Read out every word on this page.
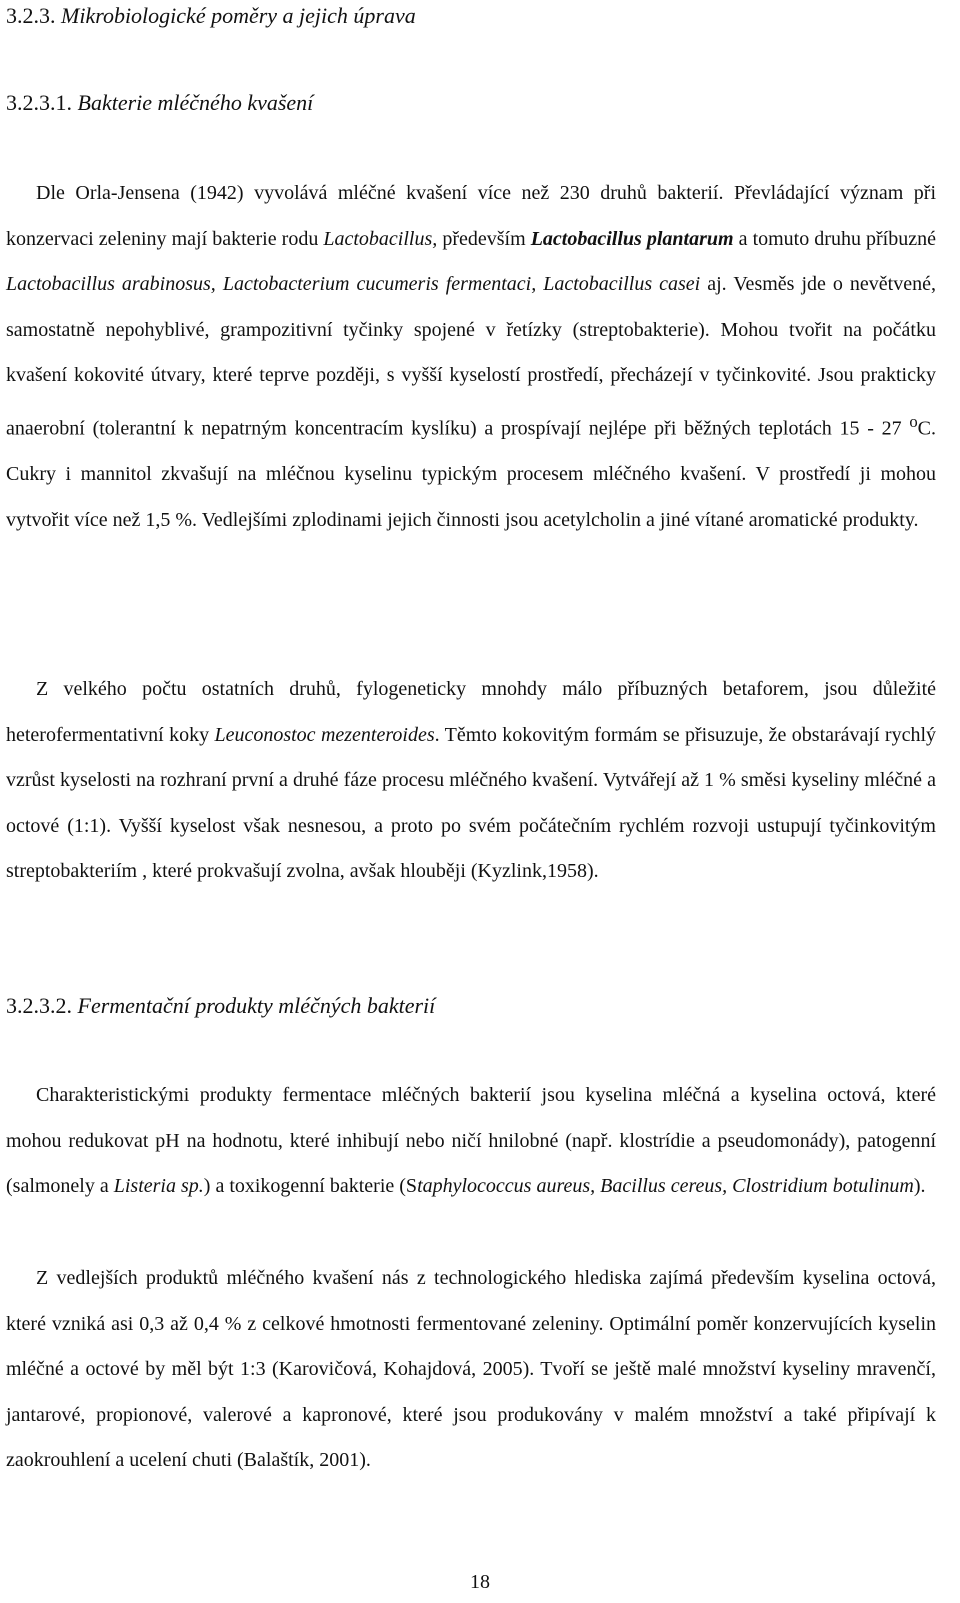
3.2.3. Mikrobiologické poměry a jejich úprava
3.2.3.1. Bakterie mléčného kvašení

Dle Orla-Jensena (1942) vyvolává mléčné kvašení více než 230 druhů bakterií. Převládající význam při konzervaci zeleniny mají bakterie rodu Lactobacillus, především Lactobacillus plantarum a tomuto druhu příbuzné Lactobacillus arabinosus, Lactobacterium cucumeris fermentaci, Lactobacillus casei aj. Vesměs jde o nevětvené, samostatně nepohyblivé, grampozitivní tyčinky spojené v řetízky (streptobakterie). Mohou tvořit na počátku kvašení kokovité útvary, které teprve později, s vyšší kyselostí prostředí, přecházejí v tyčinkovité. Jsou prakticky anaerobní (tolerantní k nepatrným koncentracím kyslíku) a prospívají nejlépe při běžných teplotách 15 - 27 $^o$C. Cukry i mannitol zkvašují na mléčnou kyselinu typickým procesem mléčného kvašení. V prostředí ji mohou vytvořit více než 1,5 %. Vedlejšími zplodinami jejich činnosti jsou acetylcholin a jiné vítané aromatické produkty.

Z velkého počtu ostatních druhů, fylogeneticky mnohdy málo příbuzných betaforem, jsou důležité heterofermentativní koky Leuconostoc mezenteroides. Těmto kokovitým formám se přisuzuje, že obstarávají rychlý vzrůst kyselosti na rozhraní první a druhé fáze procesu mléčného kvašení. Vytvářejí až 1 % směsi kyseliny mléčné a octové (1:1). Vyšší kyselost však nesnesou, a proto po svém počátečním rychlém rozvoji ustupují tyčinkovitým streptobakteriím , které prokvašují zvolna, avšak hlouběji (Kyzlink,1958).

3.2.3.2. Fermentační produkty mléčných bakterií

Charakteristickými produkty fermentace mléčných bakterií jsou kyselina mléčná a kyselina octová, které mohou redukovat pH na hodnotu, které inhibují nebo ničí hnilobné (např. klostrídie a pseudomonády), patogenní (salmonely a Listeria sp.) a toxikogenní bakterie (Staphylococcus aureus, Bacillus cereus, Clostridium botulinum).

Z vedlejších produktů mléčného kvašení nás z technologického hlediska zajímá především kyselina octová, které vzniká asi 0,3 až 0,4 % z celkové hmotnosti fermentované zeleniny. Optimální poměr konzervujících kyselin mléčné a octové by měl být 1:3 (Karovičová, Kohajdová, 2005). Tvoří se ještě malé množství kyseliny mravenčí, jantarové, propionové, valerové a kapronové, které jsou produkovány v malém množství a také připívají k zaokrouhlení a ucelení chuti (Balaštík, 2001).

18
